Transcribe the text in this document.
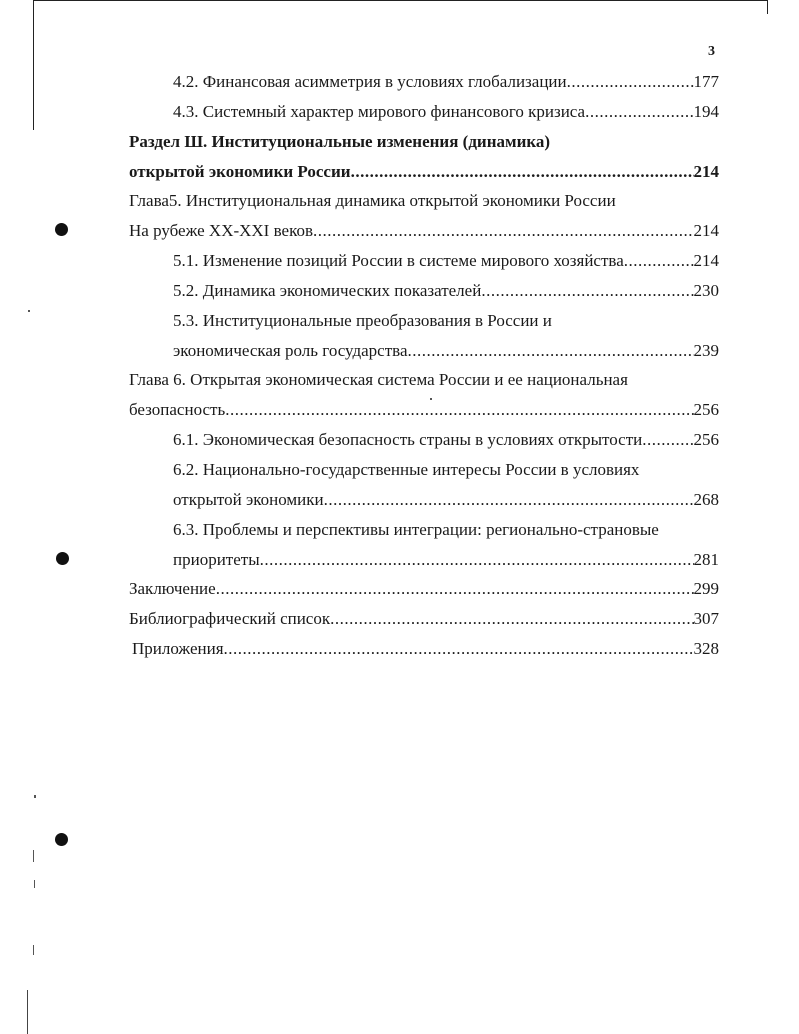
3
4.2. Финансовая асимметрия в условиях глобализации .....	177
4.3. Системный характер мирового финансового кризиса .....	194
Раздел Ш. Институциональные изменения (динамика)
открытой экономики России .....	214
Глава5. Институциональная динамика открытой экономики России
На рубеже XX-XXI веков .....	214
5.1. Изменение позиций России в системе мирового хозяйства .....	214
5.2. Динамика экономических показателей .....	230
5.3. Институциональные преобразования в России и
экономическая роль государства .....	239
Глава 6. Открытая экономическая система России и ее национальная
безопасность .....	256
6.1. Экономическая безопасность страны в условиях открытости .....	256
6.2. Национально-государственные интересы России в условиях
открытой экономики .....	268
6.3. Проблемы и перспективы интеграции: регионально-страновые
приоритеты .....	281
Заключение .....	299
Библиографический список .....	307
Приложения .....	328
